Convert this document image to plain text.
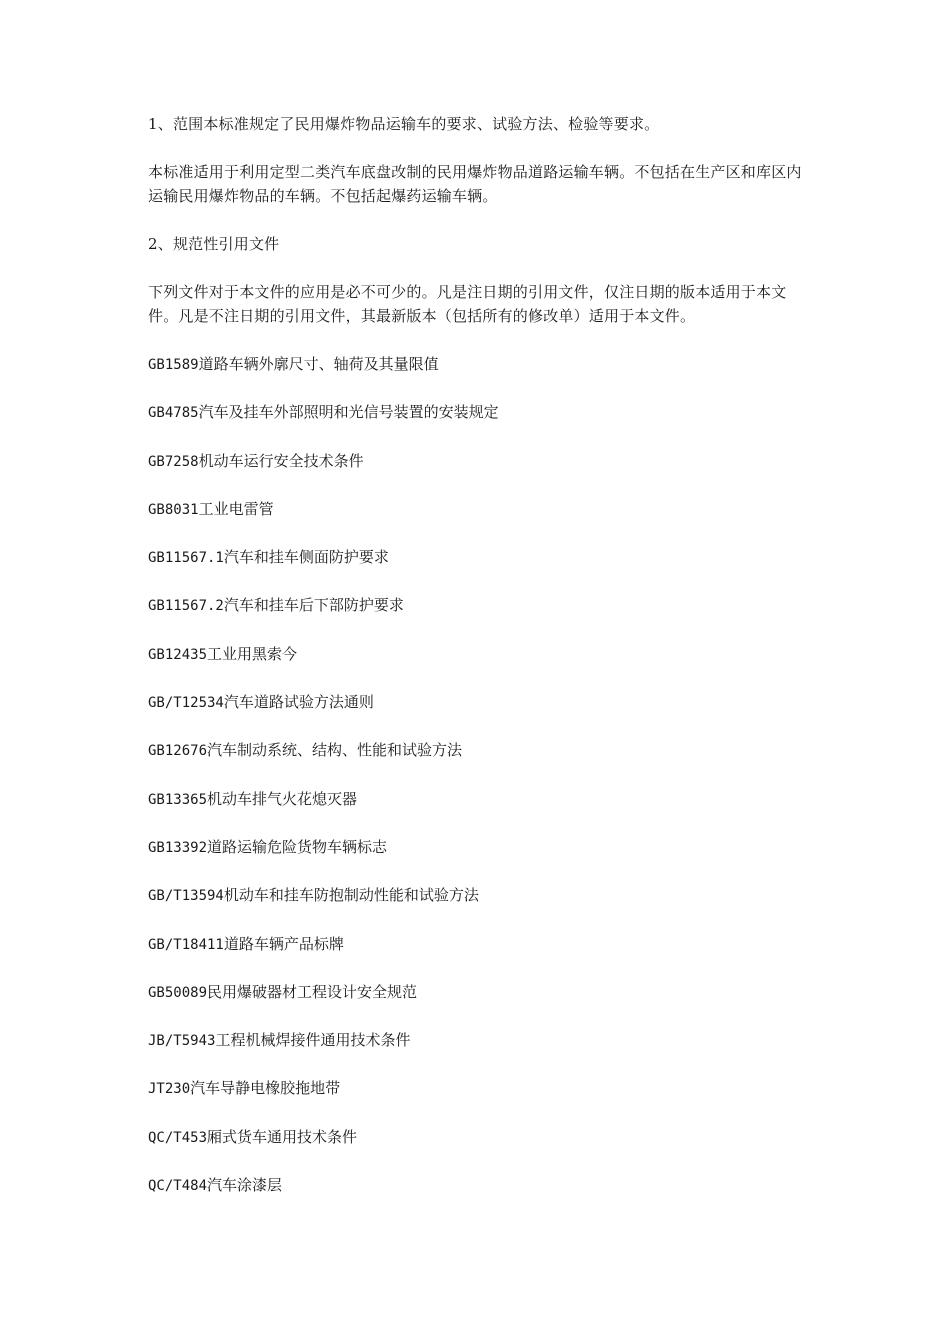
1、范围本标准规定了民用爆炸物品运输车的要求、试验方法、检验等要求。

本标准适用于利用定型二类汽车底盘改制的民用爆炸物品道路运输车辆。不包括在生产区和库区内运输民用爆炸物品的车辆。不包括起爆药运输车辆。

2、规范性引用文件

下列文件对于本文件的应用是必不可少的。凡是注日期的引用文件，仅注日期的版本适用于本文件。凡是不注日期的引用文件，其最新版本（包括所有的修改单）适用于本文件。

GB1589道路车辆外廓尺寸、轴荷及其量限值
GB4785汽车及挂车外部照明和光信号装置的安装规定
GB7258机动车运行安全技术条件
GB8031工业电雷管
GB11567.1汽车和挂车侧面防护要求
GB11567.2汽车和挂车后下部防护要求
GB12435工业用黑索今
GB/T12534汽车道路试验方法通则
GB12676汽车制动系统、结构、性能和试验方法
GB13365机动车排气火花熄灭器
GB13392道路运输危险货物车辆标志
GB/T13594机动车和挂车防抱制动性能和试验方法
GB/T18411道路车辆产品标牌
GB50089民用爆破器材工程设计安全规范
JB/T5943工程机械焊接件通用技术条件
JT230汽车导静电橡胶拖地带
QC/T453厢式货车通用技术条件
QC/T484汽车涂漆层
